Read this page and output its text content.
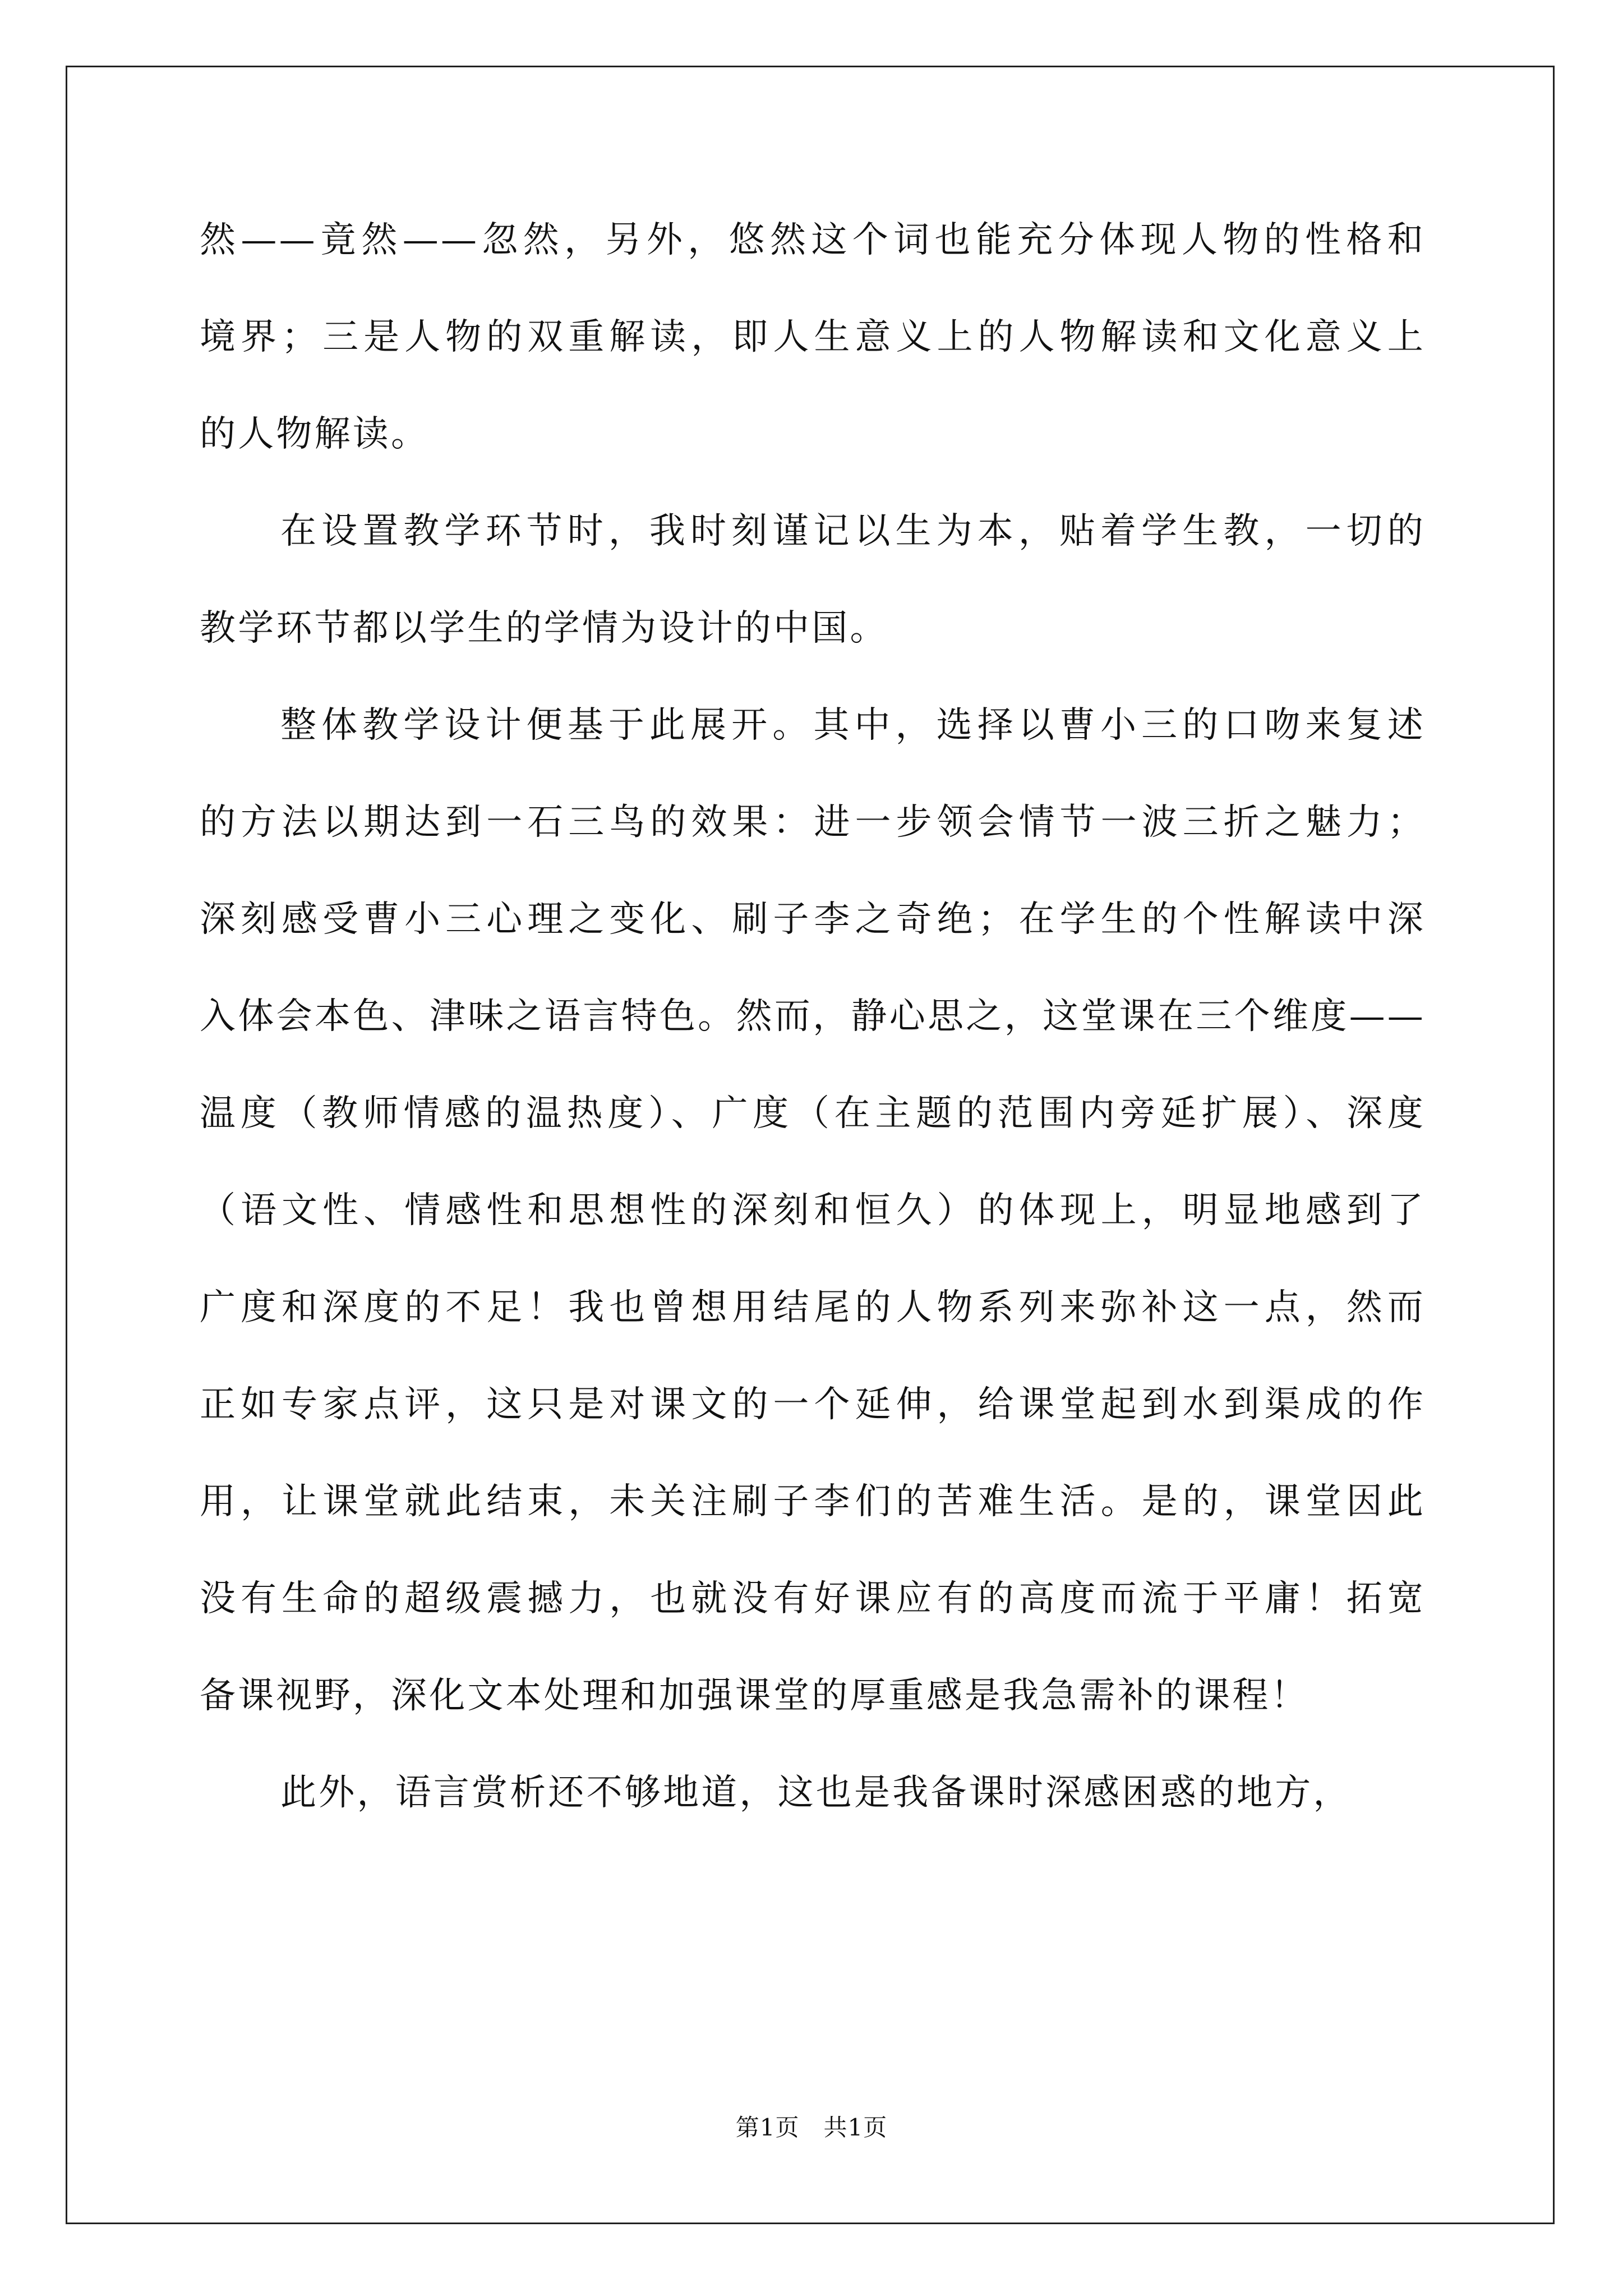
然——竟然——忽然，另外，悠然这个词也能充分体现人物的性格和
境界；三是人物的双重解读，即人生意义上的人物解读和文化意义上
的人物解读。
在设置教学环节时，我时刻谨记以生为本，贴着学生教，一切的
教学环节都以学生的学情为设计的中国。
整体教学设计便基于此展开。其中，选择以曹小三的口吻来复述
的方法以期达到一石三鸟的效果：进一步领会情节一波三折之魅力；
深刻感受曹小三心理之变化、刷子李之奇绝；在学生的个性解读中深
入体会本色、津味之语言特色。然而，静心思之，这堂课在三个维度——
温度（教师情感的温热度）、广度（在主题的范围内旁延扩展）、深度
（语文性、情感性和思想性的深刻和恒久）的体现上，明显地感到了
广度和深度的不足！我也曾想用结尾的人物系列来弥补这一点，然而
正如专家点评，这只是对课文的一个延伸，给课堂起到水到渠成的作
用，让课堂就此结束，未关注刷子李们的苦难生活。是的，课堂因此
没有生命的超级震撼力，也就没有好课应有的高度而流于平庸！拓宽
备课视野，深化文本处理和加强课堂的厚重感是我急需补的课程！
此外，语言赏析还不够地道，这也是我备课时深感困惑的地方，
第1页　共1页
